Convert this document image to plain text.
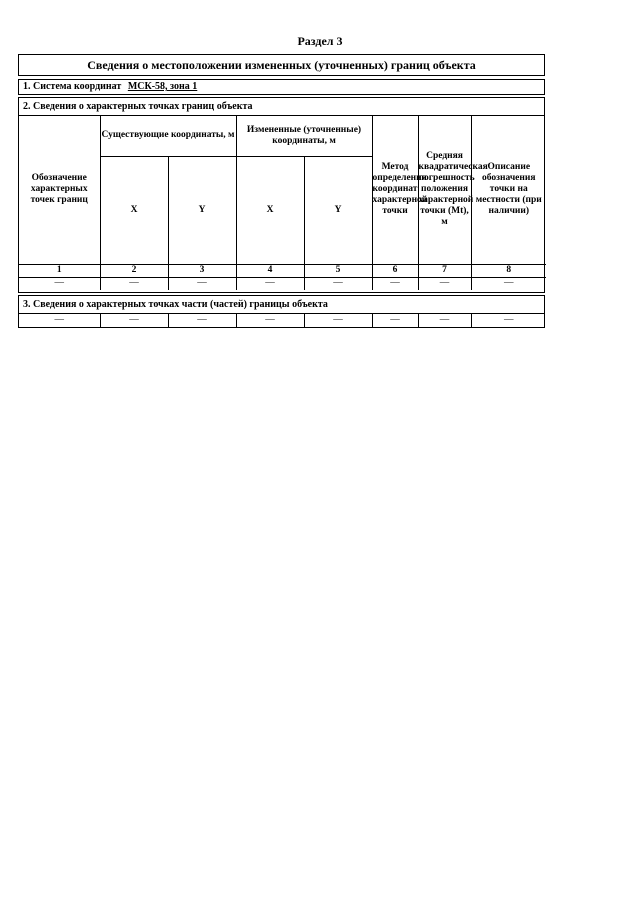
Раздел 3
Сведения о местоположении измененных (уточненных) границ объекта
1. Система координат МСК-58, зона 1
2. Сведения о характерных точках границ объекта
Обозначение характерных точек границ	Существующие координаты, м		Измененные (уточненные) координаты, м		Метод определения координат характерной точки	Средняя квадратическая погрешность положения характерной точки (Mt), м	Описание обозначения точки на местности (при наличии)
	X	Y	X	Y			
1	2	3	4	5	6	7	8
—	—	—	—	—	—	—	—
3. Сведения о характерных точках части (частей) границы объекта
—	—	—	—	—	—	—	—
